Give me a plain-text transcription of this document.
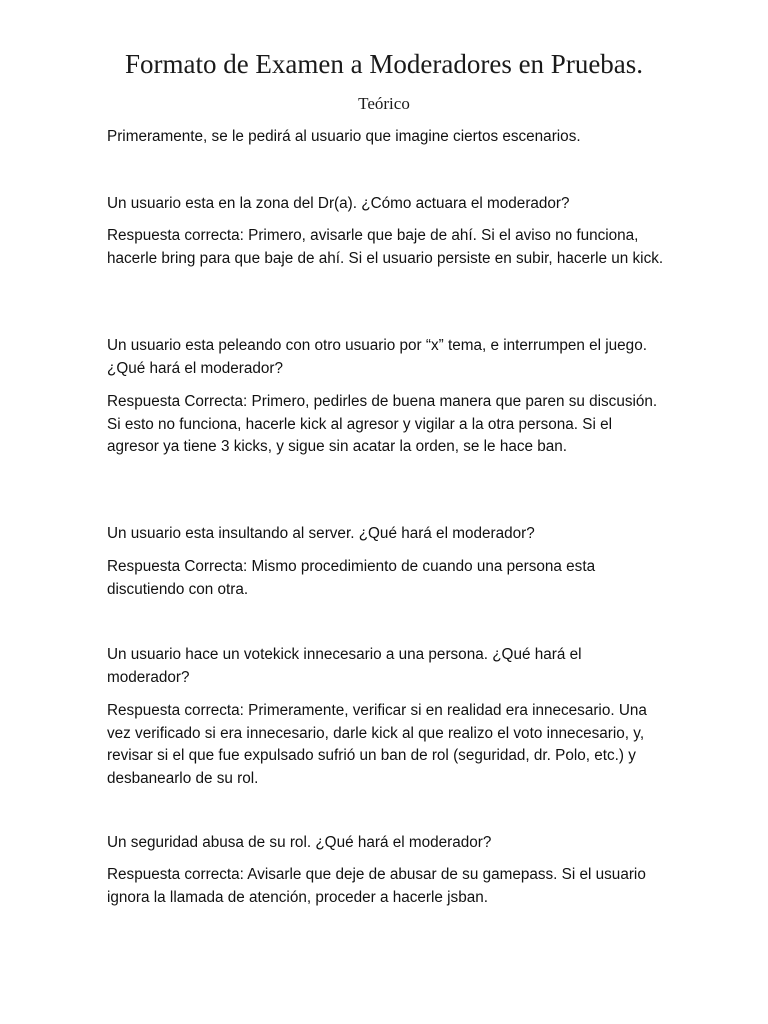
Formato de Examen a Moderadores en Pruebas.
Teórico

Primeramente, se le pedirá al usuario que imagine ciertos escenarios.

Un usuario esta en la zona del Dr(a). ¿Cómo actuara el moderador?

Respuesta correcta: Primero, avisarle que baje de ahí. Si el aviso no funciona, hacerle bring para que baje de ahí. Si el usuario persiste en subir, hacerle un kick.

Un usuario esta peleando con otro usuario por “x” tema, e interrumpen el juego. ¿Qué hará el moderador?

Respuesta Correcta: Primero, pedirles de buena manera que paren su discusión. Si esto no funciona, hacerle kick al agresor y vigilar a la otra persona. Si el agresor ya tiene 3 kicks, y sigue sin acatar la orden, se le hace ban.

Un usuario esta insultando al server. ¿Qué hará el moderador?

Respuesta Correcta: Mismo procedimiento de cuando una persona esta discutiendo con otra.

Un usuario hace un votekick innecesario a una persona. ¿Qué hará el moderador?

Respuesta correcta: Primeramente, verificar si en realidad era innecesario. Una vez verificado si era innecesario, darle kick al que realizo el voto innecesario, y, revisar si el que fue expulsado sufrió un ban de rol (seguridad, dr. Polo, etc.) y desbanearlo de su rol.

Un seguridad abusa de su rol. ¿Qué hará el moderador?

Respuesta correcta: Avisarle que deje de abusar de su gamepass. Si el usuario ignora la llamada de atención, proceder a hacerle jsban.
